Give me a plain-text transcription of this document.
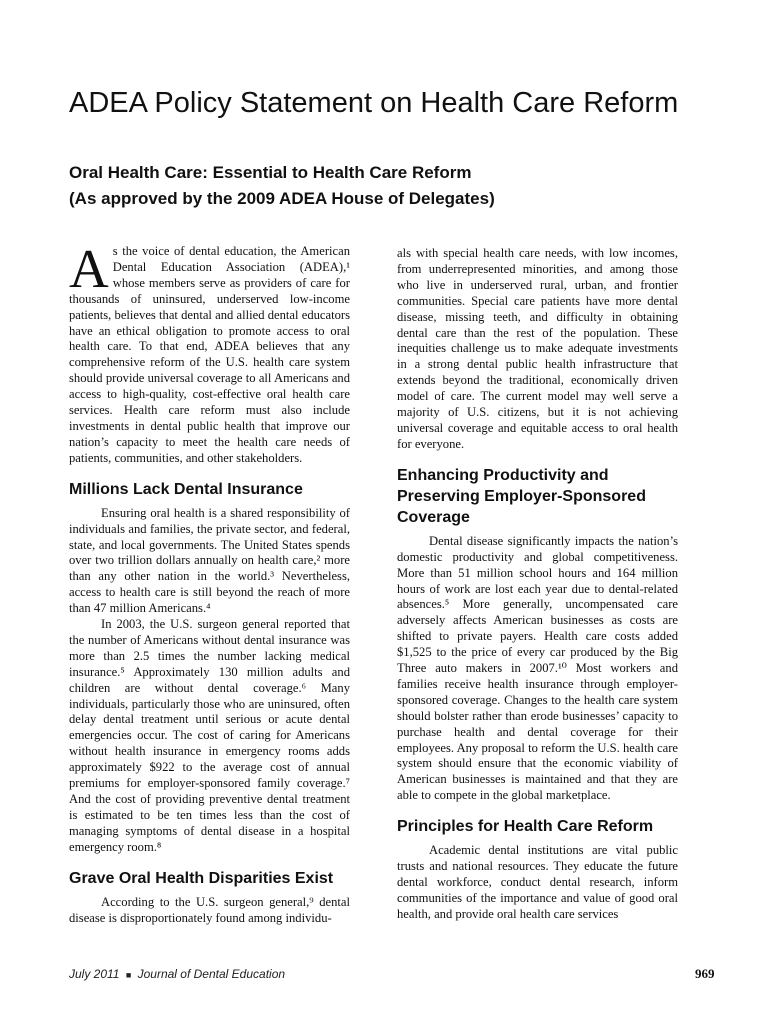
ADEA Policy Statement on Health Care Reform
Oral Health Care: Essential to Health Care Reform
(As approved by the 2009 ADEA House of Delegates)

As the voice of dental education, the American Dental Education Association (ADEA),¹ whose members serve as providers of care for thousands of uninsured, underserved low-income patients, believes that dental and allied dental educators have an ethical obligation to promote access to oral health care. To that end, ADEA believes that any comprehensive reform of the U.S. health care system should provide universal coverage to all Americans and access to high-quality, cost-effective oral health care services. Health care reform must also include investments in dental public health that improve our nation’s capacity to meet the health care needs of patients, communities, and other stakeholders.

Millions Lack Dental Insurance

Ensuring oral health is a shared responsibility of individuals and families, the private sector, and federal, state, and local governments. The United States spends over two trillion dollars annually on health care,² more than any other nation in the world.³ Nevertheless, access to health care is still beyond the reach of more than 47 million Americans.⁴

In 2003, the U.S. surgeon general reported that the number of Americans without dental insurance was more than 2.5 times the number lacking medical insurance.⁵ Approximately 130 million adults and children are without dental coverage.⁶ Many individuals, particularly those who are uninsured, often delay dental treatment until serious or acute dental emergencies occur. The cost of caring for Americans without health insurance in emergency rooms adds approximately $922 to the average cost of annual premiums for employer-sponsored family coverage.⁷ And the cost of providing preventive dental treatment is estimated to be ten times less than the cost of managing symptoms of dental disease in a hospital emergency room.⁸

Grave Oral Health Disparities Exist

According to the U.S. surgeon general,⁹ dental disease is disproportionately found among individu-

als with special health care needs, with low incomes, from underrepresented minorities, and among those who live in underserved rural, urban, and frontier communities. Special care patients have more dental disease, missing teeth, and difficulty in obtaining dental care than the rest of the population. These inequities challenge us to make adequate investments in a strong dental public health infrastructure that extends beyond the traditional, economically driven model of care. The current model may well serve a majority of U.S. citizens, but it is not achieving universal coverage and equitable access to oral health for everyone.

Enhancing Productivity and Preserving Employer-Sponsored Coverage

Dental disease significantly impacts the nation’s domestic productivity and global competitiveness. More than 51 million school hours and 164 million hours of work are lost each year due to dental-related absences.⁵ More generally, uncompensated care adversely affects American businesses as costs are shifted to private payers. Health care costs added $1,525 to the price of every car produced by the Big Three auto makers in 2007.¹⁰ Most workers and families receive health insurance through employer-sponsored coverage. Changes to the health care system should bolster rather than erode businesses’ capacity to purchase health and dental coverage for their employees. Any proposal to reform the U.S. health care system should ensure that the economic viability of American businesses is maintained and that they are able to compete in the global marketplace.

Principles for Health Care Reform

Academic dental institutions are vital public trusts and national resources. They educate the future dental workforce, conduct dental research, inform communities of the importance and value of good oral health, and provide oral health care services

July 2011 ■ Journal of Dental Education	969
